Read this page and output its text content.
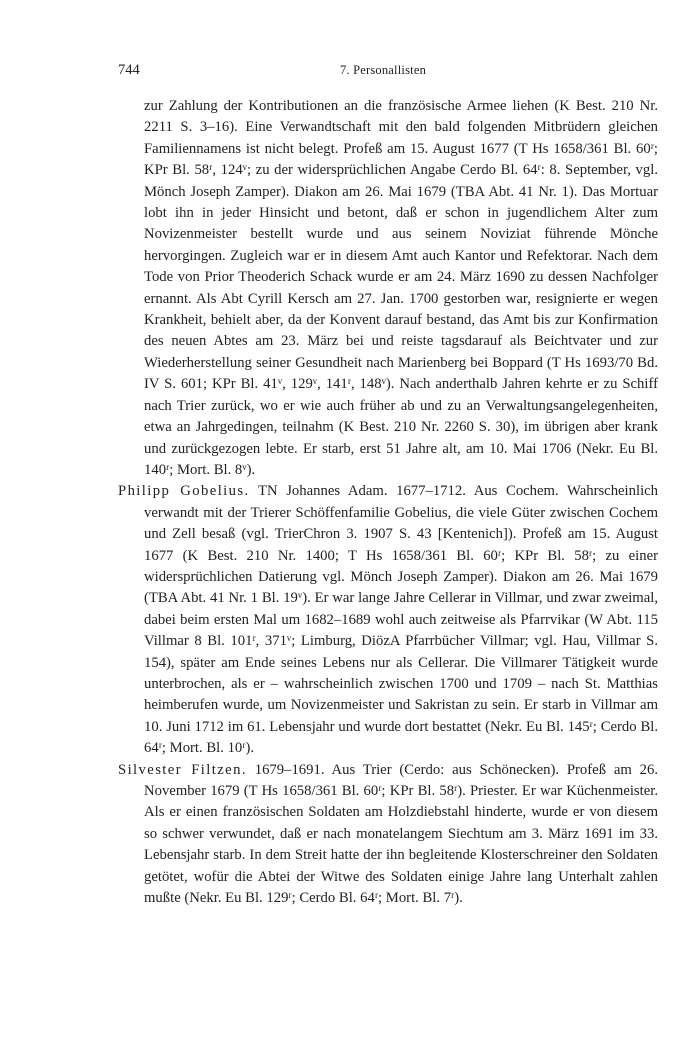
744	7. Personallisten

zur Zahlung der Kontributionen an die französische Armee liehen (K Best. 210 Nr. 2211 S. 3–16). Eine Verwandtschaft mit den bald folgenden Mitbrüdern gleichen Familiennamens ist nicht belegt. Profeß am 15. August 1677 (T Hs 1658/361 Bl. 60ʳ; KPr Bl. 58ʳ, 124ᵛ; zu der widersprüchlichen Angabe Cerdo Bl. 64ʳ: 8. September, vgl. Mönch Joseph Zamper). Diakon am 26. Mai 1679 (TBA Abt. 41 Nr. 1). Das Mortuar lobt ihn in jeder Hinsicht und betont, daß er schon in jugendlichem Alter zum Novizenmeister bestellt wurde und aus seinem Noviziat führende Mönche hervorgingen. Zugleich war er in diesem Amt auch Kantor und Refektorar. Nach dem Tode von Prior Theoderich Schack wurde er am 24. März 1690 zu dessen Nachfolger ernannt. Als Abt Cyrill Kersch am 27. Jan. 1700 gestorben war, resignierte er wegen Krankheit, behielt aber, da der Konvent darauf bestand, das Amt bis zur Konfirmation des neuen Abtes am 23. März bei und reiste tagsdarauf als Beichtvater und zur Wiederherstellung seiner Gesundheit nach Marienberg bei Boppard (T Hs 1693/70 Bd. IV S. 601; KPr Bl. 41ᵛ, 129ᵛ, 141ʳ, 148ᵛ). Nach anderthalb Jahren kehrte er zu Schiff nach Trier zurück, wo er wie auch früher ab und zu an Verwaltungsangelegenheiten, etwa an Jahrgedingen, teilnahm (K Best. 210 Nr. 2260 S. 30), im übrigen aber krank und zurückgezogen lebte. Er starb, erst 51 Jahre alt, am 10. Mai 1706 (Nekr. Eu Bl. 140ʳ; Mort. Bl. 8ᵛ).

Philipp Gobelius. TN Johannes Adam. 1677–1712. Aus Cochem. Wahrscheinlich verwandt mit der Trierer Schöffenfamilie Gobelius, die viele Güter zwischen Cochem und Zell besaß (vgl. TrierChron 3. 1907 S. 43 [Kentenich]). Profeß am 15. August 1677 (K Best. 210 Nr. 1400; T Hs 1658/361 Bl. 60ʳ; KPr Bl. 58ʳ; zu einer widersprüchlichen Datierung vgl. Mönch Joseph Zamper). Diakon am 26. Mai 1679 (TBA Abt. 41 Nr. 1 Bl. 19ᵛ). Er war lange Jahre Cellerar in Villmar, und zwar zweimal, dabei beim ersten Mal um 1682–1689 wohl auch zeitweise als Pfarrvikar (W Abt. 115 Villmar 8 Bl. 101ʳ, 371ᵛ; Limburg, DiözA Pfarrbücher Villmar; vgl. Hau, Villmar S. 154), später am Ende seines Lebens nur als Cellerar. Die Villmarer Tätigkeit wurde unterbrochen, als er – wahrscheinlich zwischen 1700 und 1709 – nach St. Matthias heimberufen wurde, um Novizenmeister und Sakristan zu sein. Er starb in Villmar am 10. Juni 1712 im 61. Lebensjahr und wurde dort bestattet (Nekr. Eu Bl. 145ʳ; Cerdo Bl. 64ʳ; Mort. Bl. 10ʳ).

Silvester Filtzen. 1679–1691. Aus Trier (Cerdo: aus Schönecken). Profeß am 26. November 1679 (T Hs 1658/361 Bl. 60ʳ; KPr Bl. 58ʳ). Priester. Er war Küchenmeister. Als er einen französischen Soldaten am Holzdiebstahl hinderte, wurde er von diesem so schwer verwundet, daß er nach monatelangem Siechtum am 3. März 1691 im 33. Lebensjahr starb. In dem Streit hatte der ihn begleitende Klosterschreiner den Soldaten getötet, wofür die Abtei der Witwe des Soldaten einige Jahre lang Unterhalt zahlen mußte (Nekr. Eu Bl. 129ʳ; Cerdo Bl. 64ʳ; Mort. Bl. 7ʳ).
